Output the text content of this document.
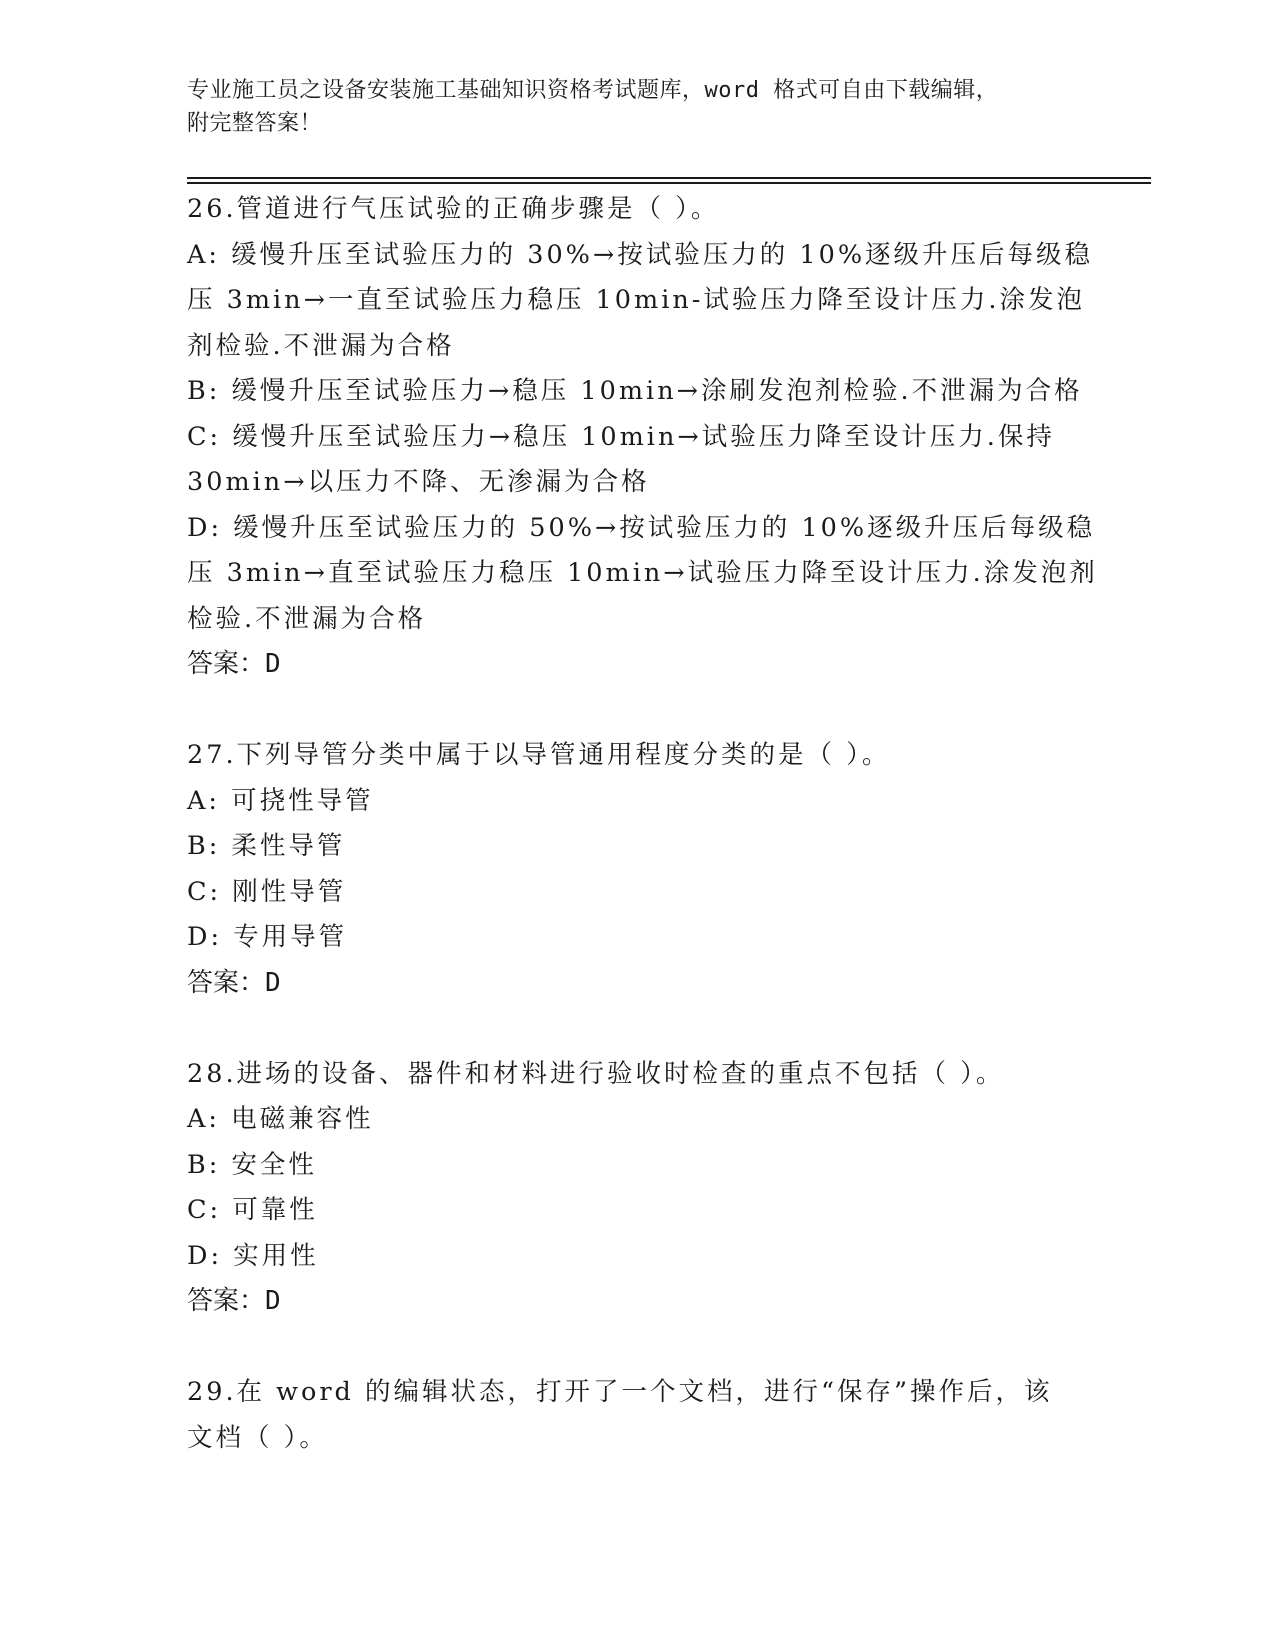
专业施工员之设备安装施工基础知识资格考试题库，word 格式可自由下载编辑，
附完整答案！
26.管道进行气压试验的正确步骤是（ ）。
A: 缓慢升压至试验压力的 30%→按试验压力的 10%逐级升压后每级稳
压 3min→一直至试验压力稳压 10min-试验压力降至设计压力.涂发泡
剂检验.不泄漏为合格
B: 缓慢升压至试验压力→稳压 10min→涂刷发泡剂检验.不泄漏为合格
C: 缓慢升压至试验压力→稳压 10min→试验压力降至设计压力.保持
30min→以压力不降、无渗漏为合格
D: 缓慢升压至试验压力的 50%→按试验压力的 10%逐级升压后每级稳
压 3min→直至试验压力稳压 10min→试验压力降至设计压力.涂发泡剂
检验.不泄漏为合格
答案：D
27.下列导管分类中属于以导管通用程度分类的是（ ）。
A: 可挠性导管
B: 柔性导管
C: 刚性导管
D: 专用导管
答案：D
28.进场的设备、器件和材料进行验收时检查的重点不包括（ ）。
A: 电磁兼容性
B: 安全性
C: 可靠性
D: 实用性
答案：D
29.在 word 的编辑状态，打开了一个文档，进行“保存”操作后，该
文档（ ）。
